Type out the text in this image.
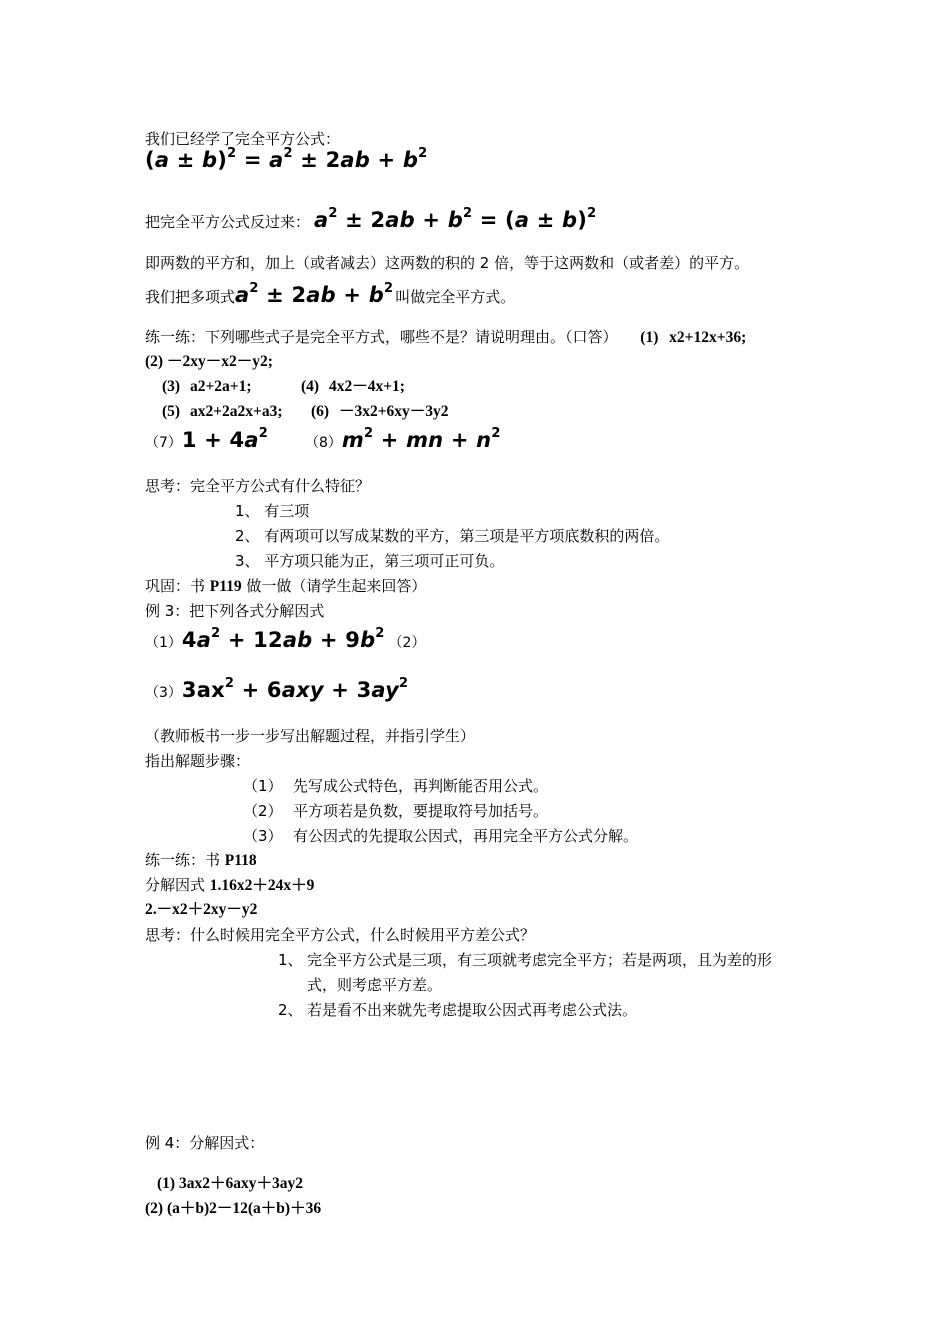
我们已经学了完全平方公式：
$(a \pm b)^2 = a^2 \pm 2ab + b^2$
把完全平方公式反过来： $a^2 \pm 2ab + b^2 = (a \pm b)^2$
即两数的平方和，加上（或者减去）这两数的积的 2 倍，等于这两数和（或者差）的平方。
我们把多项式$a^2 \pm 2ab + b^2$ 叫做完全平方式。
练一练：下列哪些式子是完全平方式，哪些不是？请说明理由。（口答） (1) x2+12x+36;
(2) －2xy－x2－y2;
(3) a2+2a+1;	(4) 4x2－4x+1;
(5) ax2+2a2x+a3; (6) －3x2+6xy－3y2
$(7)1 + 4a^2$
$(8)m^2$ + mn + $n^2$
思考：完全平方公式有什么特征？
1、 有三项
2、 有两项可以写成某数的平方，第三项是平方项底数积的两倍。
3、 平方项只能为正，第三项可正可负。
巩固：书 P119 做一做（请学生起来回答）
例 3：把下列各式分解因式
$(1)4a^2 + 12ab + 9b^2(2)$
$(3)3ax^2 + 6axy + 3ay^2$
（教师板书一步一步写出解题过程，并指引学生）
指出解题步骤：
（1） 先写成公式特色，再判断能否用公式。
（2） 平方项若是负数，要提取符号加括号。
（3） 有公因式的先提取公因式，再用完全平方公式分解。
练一练：书 P118
分解因式 1.16x2＋24x＋9
2.－x2＋2xy－y2
思考：什么时候用完全平方公式，什么时候用平方差公式？
1、 完全平方公式是三项，有三项就考虑完全平方；若是两项，且为差的形
式，则考虑平方差。
2、 若是看不出来就先考虑提取公因式再考虑公式法。
例 4：分解因式：
(1) 3ax2＋6axy＋3ay2
(2) (a＋b)2－12(a＋b)＋36
